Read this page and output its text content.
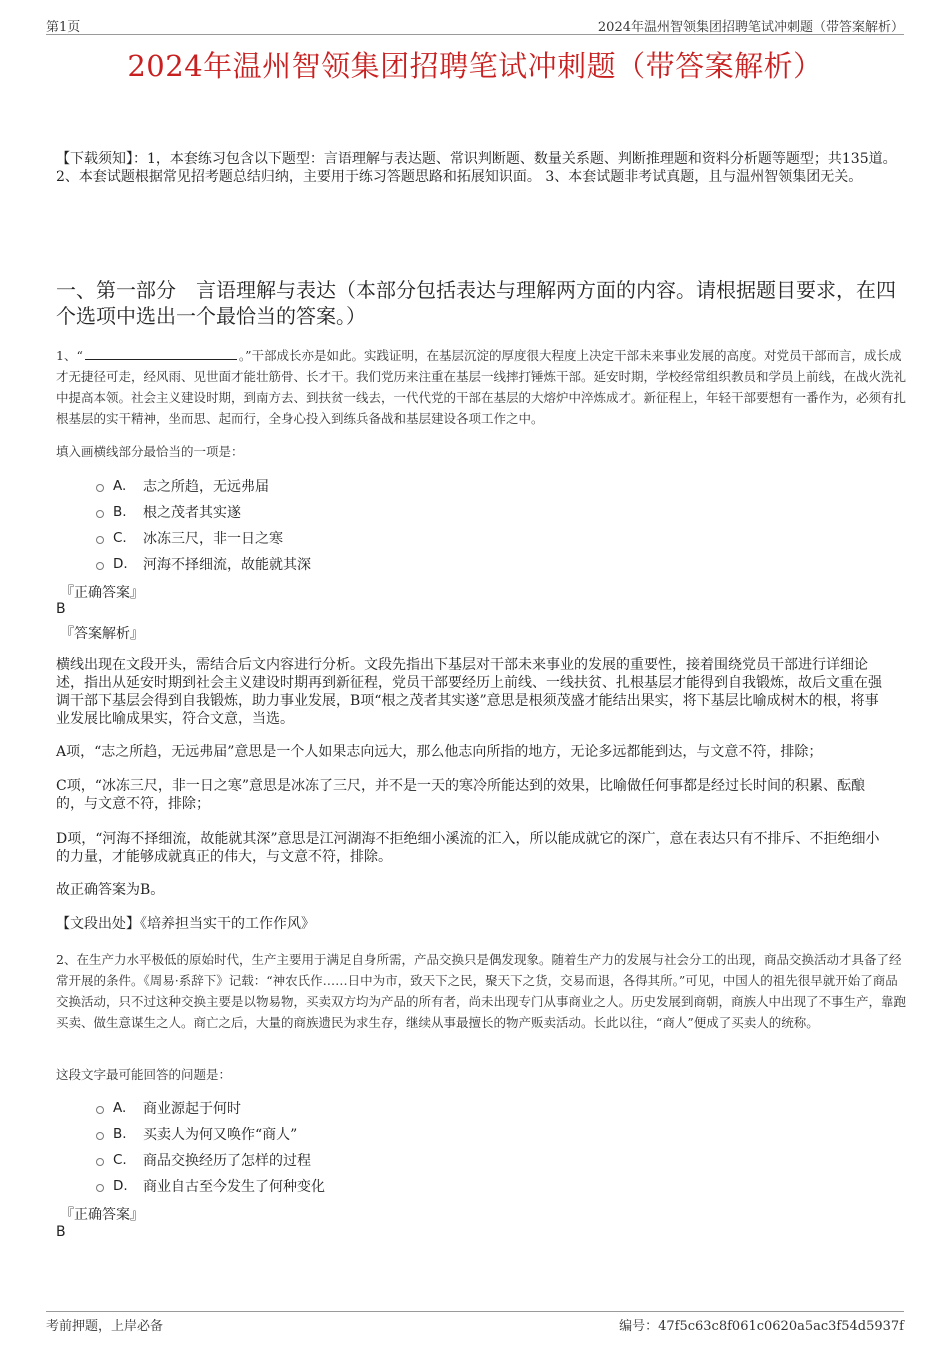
第1页	2024年温州智领集团招聘笔试冲刺题（带答案解析）
2024年温州智领集团招聘笔试冲刺题（带答案解析）
【下载须知】：1，本套练习包含以下题型：言语理解与表达题、常识判断题、数量关系题、判断推理题和资料分析题等题型；共135道。 2、本套试题根据常见招考题总结归纳，主要用于练习答题思路和拓展知识面。 3、本套试题非考试真题，且与温州智领集团无关。
一、第一部分　言语理解与表达（本部分包括表达与理解两方面的内容。请根据题目要求，在四个选项中选出一个最恰当的答案。）
1、“	。”干部成长亦是如此。实践证明，在基层沉淀的厚度很大程度上决定干部未来事业发展的高度。对党员干部而言，成长成才无捷径可走，经风雨、见世面才能壮筋骨、长才干。我们党历来注重在基层一线摔打锤炼干部。延安时期，学校经常组织教员和学员上前线，在战火洗礼中提高本领。社会主义建设时期，到南方去、到扶贫一线去，一代代党的干部在基层的大熔炉中淬炼成才。新征程上，年轻干部要想有一番作为，必须有扎根基层的实干精神，坐而思、起而行，全身心投入到练兵备战和基层建设各项工作之中。
填入画横线部分最恰当的一项是：
A.	志之所趋，无远弗届
B.	根之茂者其实遂
C.	冰冻三尺，非一日之寒
D.	河海不择细流，故能就其深
『正确答案』
B
『答案解析』
横线出现在文段开头，需结合后文内容进行分析。文段先指出下基层对干部未来事业的发展的重要性，接着围绕党员干部进行详细论述，指出从延安时期到社会主义建设时期再到新征程，党员干部要经历上前线、一线扶贫、扎根基层才能得到自我锻炼，故后文重在强调干部下基层会得到自我锻炼，助力事业发展，B项“根之茂者其实遂”意思是根须茂盛才能结出果实，将下基层比喻成树木的根，将事业发展比喻成果实，符合文意，当选。
A项，“志之所趋，无远弗届”意思是一个人如果志向远大，那么他志向所指的地方，无论多远都能到达，与文意不符，排除；
C项，“冰冻三尺，非一日之寒”意思是冰冻了三尺，并不是一天的寒冷所能达到的效果，比喻做任何事都是经过长时间的积累、酝酿的，与文意不符，排除；
D项，“河海不择细流，故能就其深”意思是江河湖海不拒绝细小溪流的汇入，所以能成就它的深广，意在表达只有不排斥、不拒绝细小的力量，才能够成就真正的伟大，与文意不符，排除。
故正确答案为B。
【文段出处】《培养担当实干的工作作风》
2、在生产力水平极低的原始时代，生产主要用于满足自身所需，产品交换只是偶发现象。随着生产力的发展与社会分工的出现，商品交换活动才具备了经常开展的条件。《周易·系辞下》记载：“神农氏作……日中为市，致天下之民，聚天下之货，交易而退，各得其所。”可见，中国人的祖先很早就开始了商品交换活动，只不过这种交换主要是以物易物，买卖双方均为产品的所有者，尚未出现专门从事商业之人。历史发展到商朝，商族人中出现了不事生产，靠跑买卖、做生意谋生之人。商亡之后，大量的商族遗民为求生存，继续从事最擅长的物产贩卖活动。长此以往，“商人”便成了买卖人的统称。
这段文字最可能回答的问题是：
A.	商业源起于何时
B.	买卖人为何又唤作“商人”
C.	商品交换经历了怎样的过程
D.	商业自古至今发生了何种变化
『正确答案』
B
考前押题，上岸必备	编号：47f5c63c8f061c0620a5ac3f54d5937f
